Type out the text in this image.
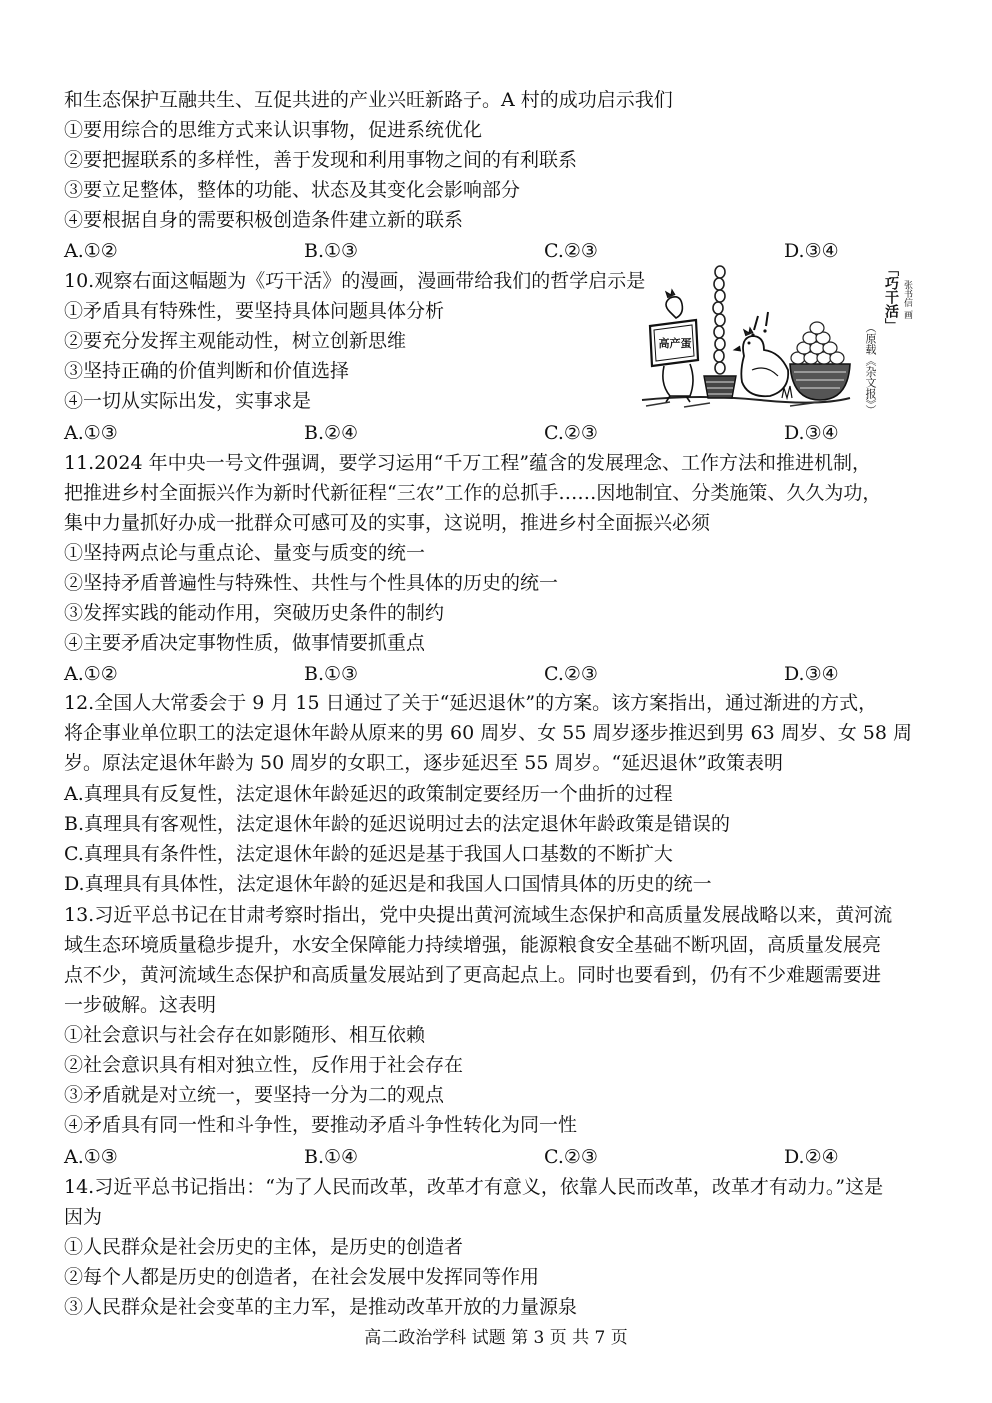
和生态保护互融共生、互促共进的产业兴旺新路子。A 村的成功启示我们
①要用综合的思维方式来认识事物，促进系统优化
②要把握联系的多样性，善于发现和利用事物之间的有利联系
③要立足整体，整体的功能、状态及其变化会影响部分
④要根据自身的需要积极创造条件建立新的联系
A.①②	B.①③	C.②③	D.③④
10.观察右面这幅题为《巧干活》的漫画，漫画带给我们的哲学启示是
①矛盾具有特殊性，要坚持具体问题具体分析
②要充分发挥主观能动性，树立创新思维
③坚持正确的价值判断和价值选择
④一切从实际出发，实事求是
A.①③	B.②④	C.②③	D.③④
高产蛋
「巧干活」 张书信 画
（原载《杂文报》）
11.2024 年中央一号文件强调，要学习运用“千万工程”蕴含的发展理念、工作方法和推进机制，
把推进乡村全面振兴作为新时代新征程“三农”工作的总抓手……因地制宜、分类施策、久久为功，
集中力量抓好办成一批群众可感可及的实事，这说明，推进乡村全面振兴必须
①坚持两点论与重点论、量变与质变的统一
②坚持矛盾普遍性与特殊性、共性与个性具体的历史的统一
③发挥实践的能动作用，突破历史条件的制约
④主要矛盾决定事物性质，做事情要抓重点
A.①②	B.①③	C.②③	D.③④
12.全国人大常委会于 9 月 15 日通过了关于“延迟退休”的方案。该方案指出，通过渐进的方式，
将企事业单位职工的法定退休年龄从原来的男 60 周岁、女 55 周岁逐步推迟到男 63 周岁、女 58 周
岁。原法定退休年龄为 50 周岁的女职工，逐步延迟至 55 周岁。“延迟退休”政策表明
A.真理具有反复性，法定退休年龄延迟的政策制定要经历一个曲折的过程
B.真理具有客观性，法定退休年龄的延迟说明过去的法定退休年龄政策是错误的
C.真理具有条件性，法定退休年龄的延迟是基于我国人口基数的不断扩大
D.真理具有具体性，法定退休年龄的延迟是和我国人口国情具体的历史的统一
13.习近平总书记在甘肃考察时指出，党中央提出黄河流域生态保护和高质量发展战略以来，黄河流
域生态环境质量稳步提升，水安全保障能力持续增强，能源粮食安全基础不断巩固，高质量发展亮
点不少，黄河流域生态保护和高质量发展站到了更高起点上。同时也要看到，仍有不少难题需要进
一步破解。这表明
①社会意识与社会存在如影随形、相互依赖
②社会意识具有相对独立性，反作用于社会存在
③矛盾就是对立统一，要坚持一分为二的观点
④矛盾具有同一性和斗争性，要推动矛盾斗争性转化为同一性
A.①③	B.①④	C.②③	D.②④
14.习近平总书记指出：“为了人民而改革，改革才有意义，依靠人民而改革，改革才有动力。”这是
因为
①人民群众是社会历史的主体，是历史的创造者
②每个人都是历史的创造者，在社会发展中发挥同等作用
③人民群众是社会变革的主力军，是推动改革开放的力量源泉
高二政治学科 试题 第 3 页 共 7 页
